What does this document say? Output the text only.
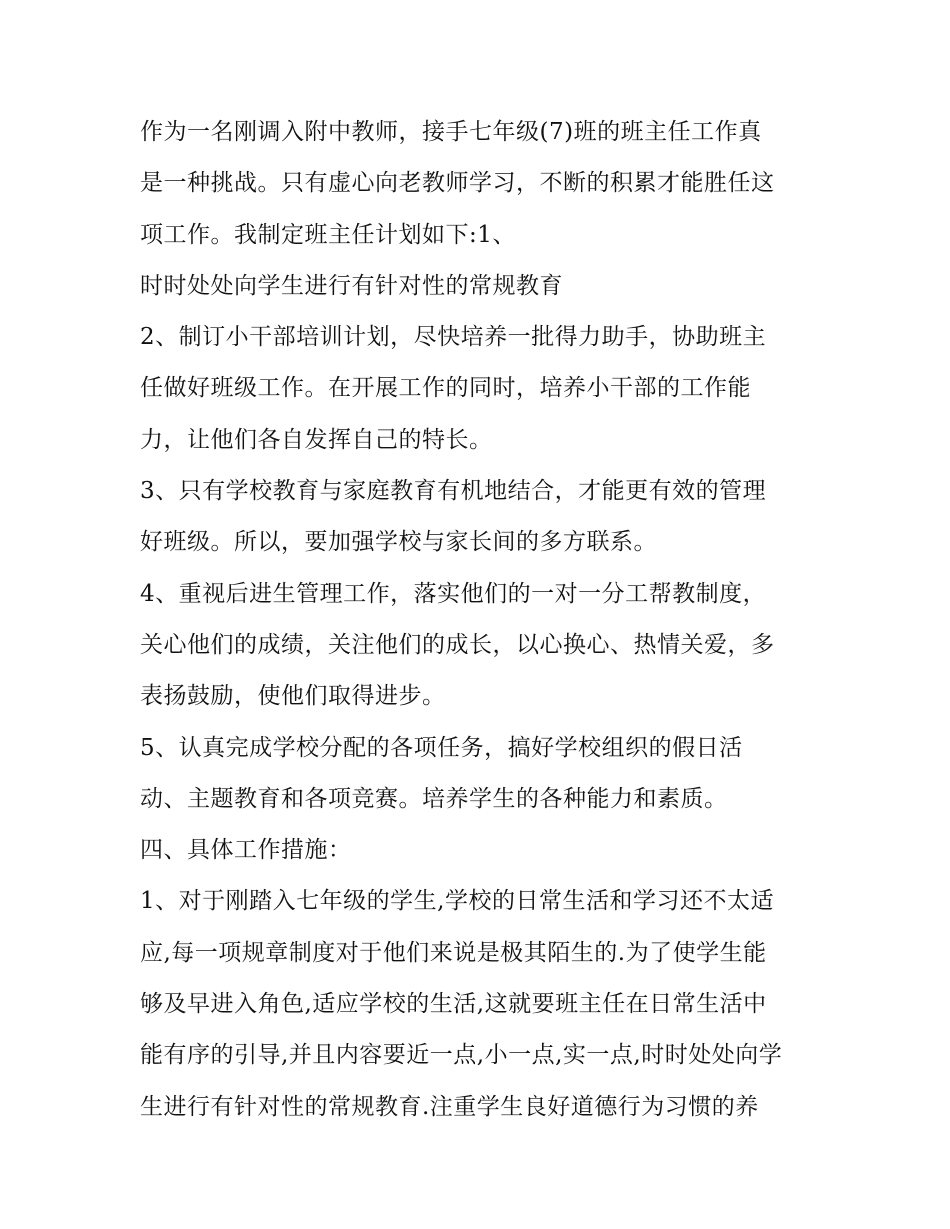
作为一名刚调入附中教师，接手七年级(7)班的班主任工作真
是一种挑战。只有虚心向老教师学习，不断的积累才能胜任这
项工作。我制定班主任计划如下:1、
时时处处向学生进行有针对性的常规教育
2、制订小干部培训计划，尽快培养一批得力助手，协助班主
任做好班级工作。在开展工作的同时，培养小干部的工作能
力，让他们各自发挥自己的特长。
3、只有学校教育与家庭教育有机地结合，才能更有效的管理
好班级。所以，要加强学校与家长间的多方联系。
4、重视后进生管理工作，落实他们的一对一分工帮教制度，
关心他们的成绩，关注他们的成长，以心换心、热情关爱，多
表扬鼓励，使他们取得进步。
5、认真完成学校分配的各项任务，搞好学校组织的假日活
动、主题教育和各项竞赛。培养学生的各种能力和素质。
四、具体工作措施：
1、对于刚踏入七年级的学生,学校的日常生活和学习还不太适
应,每一项规章制度对于他们来说是极其陌生的.为了使学生能
够及早进入角色,适应学校的生活,这就要班主任在日常生活中
能有序的引导,并且内容要近一点,小一点,实一点,时时处处向学
生进行有针对性的常规教育.注重学生良好道德行为习惯的养
